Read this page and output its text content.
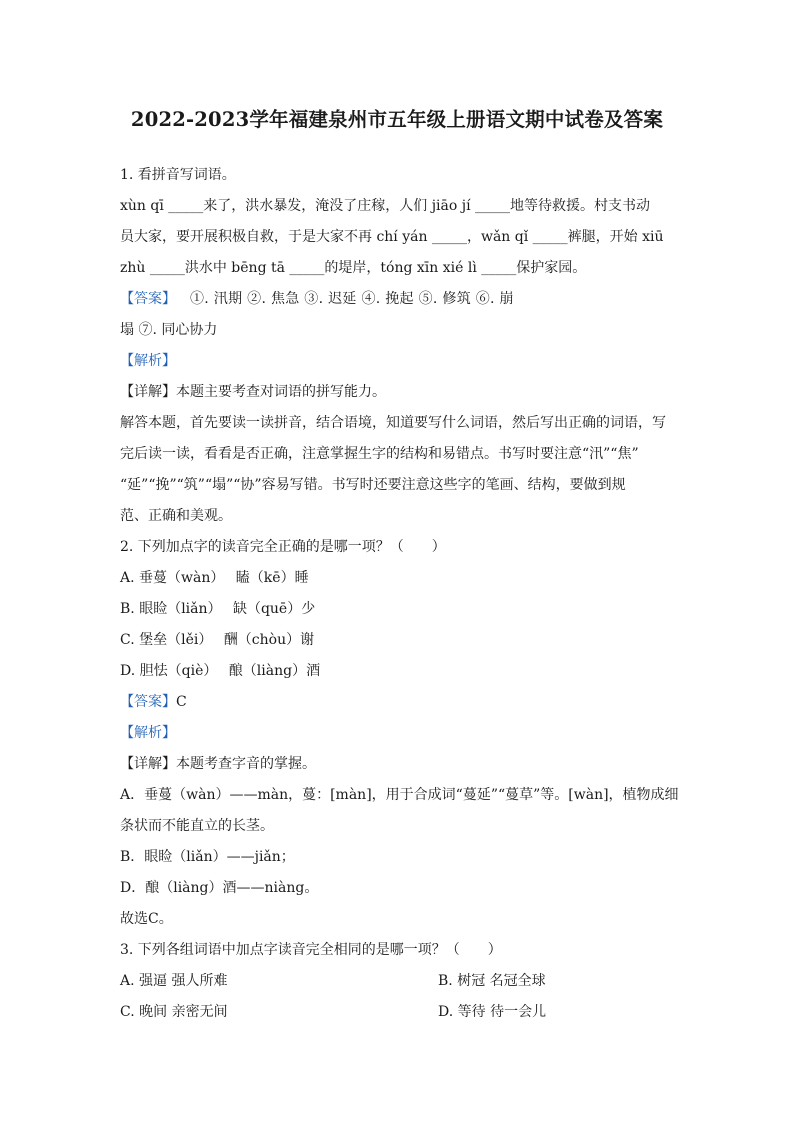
2022-2023学年福建泉州市五年级上册语文期中试卷及答案
1. 看拼音写词语。
xùn qī _____来了，洪水暴发，淹没了庄稼，人们 jiāo jí _____地等待救援。村支书动
员大家，要开展积极自救，于是大家不再 chí yán _____，wǎn qǐ _____裤腿，开始 xiū
zhù _____洪水中 bēng tā _____的堤岸，tóng xīn xié lì _____保护家园。
【答案】 ①. 汛期 ②. 焦急 ③. 迟延 ④. 挽起 ⑤. 修筑 ⑥. 崩
塌 ⑦. 同心协力
【解析】
【详解】本题主要考查对词语的拼写能力。
解答本题，首先要读一读拼音，结合语境，知道要写什么词语，然后写出正确的词语，写
完后读一读，看看是否正确，注意掌握生字的结构和易错点。书写时要注意“汛”“焦”
“延”“挽”“筑”“塌”“协”容易写错。书写时还要注意这些字的笔画、结构，要做到规
范、正确和美观。
2. 下列加点字的读音完全正确的是哪一项？（　　）
A. 垂蔓（wàn）　 瞌（kē）睡
B. 眼睑（liǎn）　 缺（quē）少
C. 堡垒（lěi）　 酬（chòu）谢
D. 胆怯（qiè）　 酿（liàng）酒
【答案】C
【解析】
【详解】本题考查字音的掌握。
A．垂蔓（wàn）——màn，蔓：[màn]，用于合成词“蔓延”“蔓草”等。[wàn]，植物成细
条状而不能直立的长茎。
B．眼睑（liǎn）——jiǎn；
D．酿（liàng）酒——niàng。
故选C。
3. 下列各组词语中加点字读音完全相同的是哪一项？（　　）
A. 强逼 强人所难	B. 树冠 名冠全球
C. 晚间 亲密无间	D. 等待 待一会儿
